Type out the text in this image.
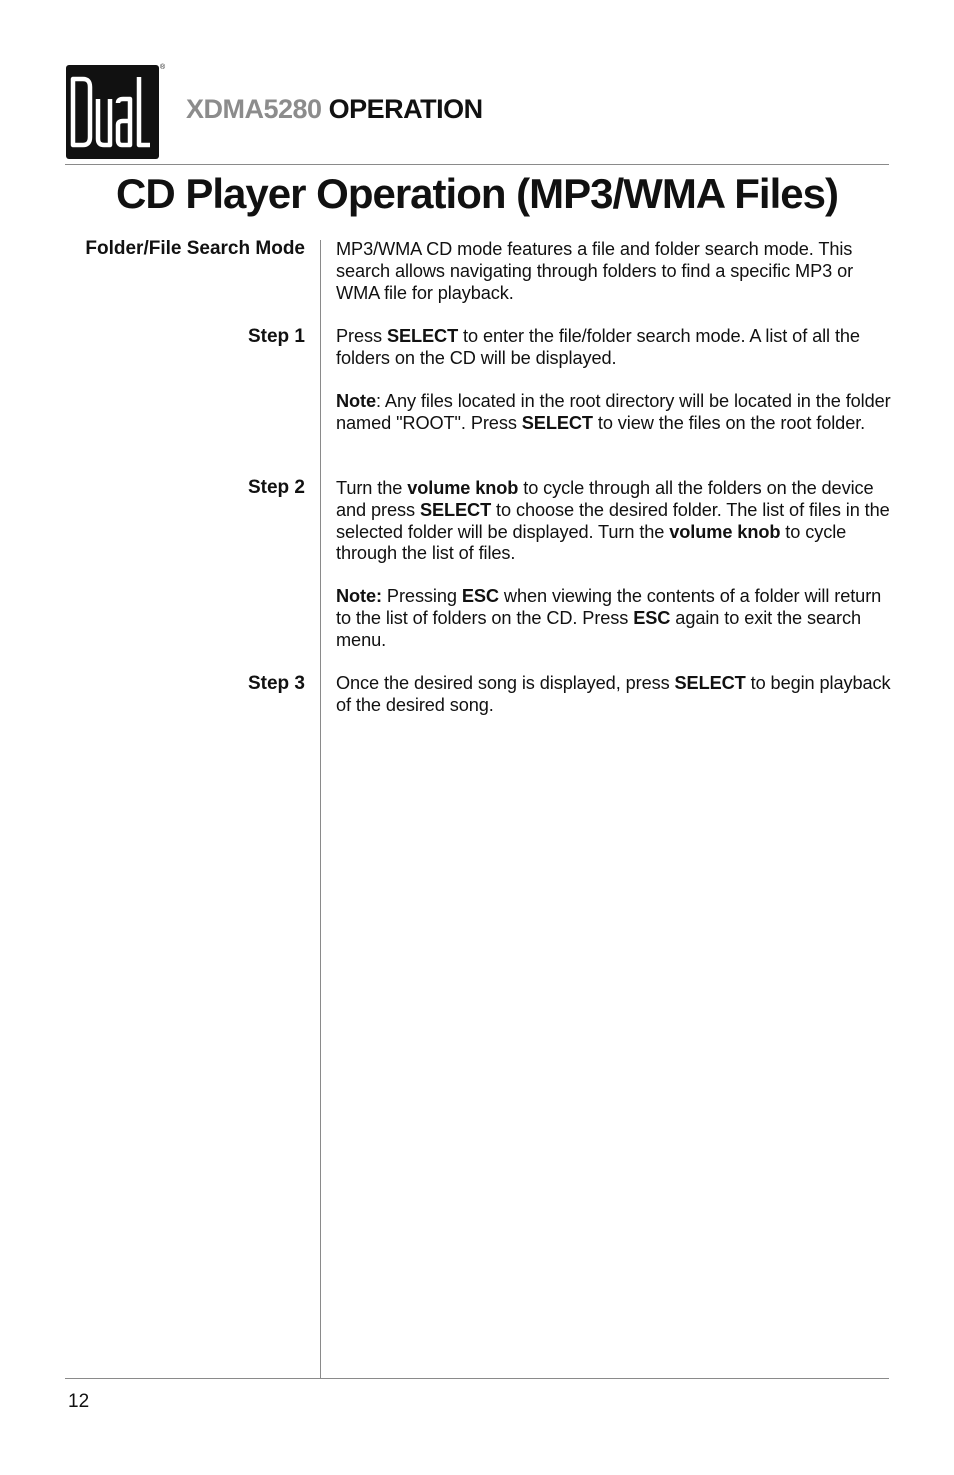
®
XDMA5280 OPERATION
CD Player Operation (MP3/WMA Files)
Folder/File Search Mode
Step 1
Step 2
Step 3

MP3/WMA CD mode features a file and folder search mode. This search allows navigating through folders to find a specific MP3 or WMA file for playback.

Press SELECT to enter the file/folder search mode. A list of all the folders on the CD will be displayed.

Note: Any files located in the root directory will be located in the folder named "ROOT". Press SELECT to view the files on the root folder.

Turn the volume knob to cycle through all the folders on the device and press SELECT to choose the desired folder. The list of files in the selected folder will be displayed. Turn the volume knob to cycle through the list of files.

Note: Pressing ESC when viewing the contents of a folder will return to the list of folders on the CD. Press ESC again to exit the search menu.

Once the desired song is displayed, press SELECT to begin playback of the desired song.

12
